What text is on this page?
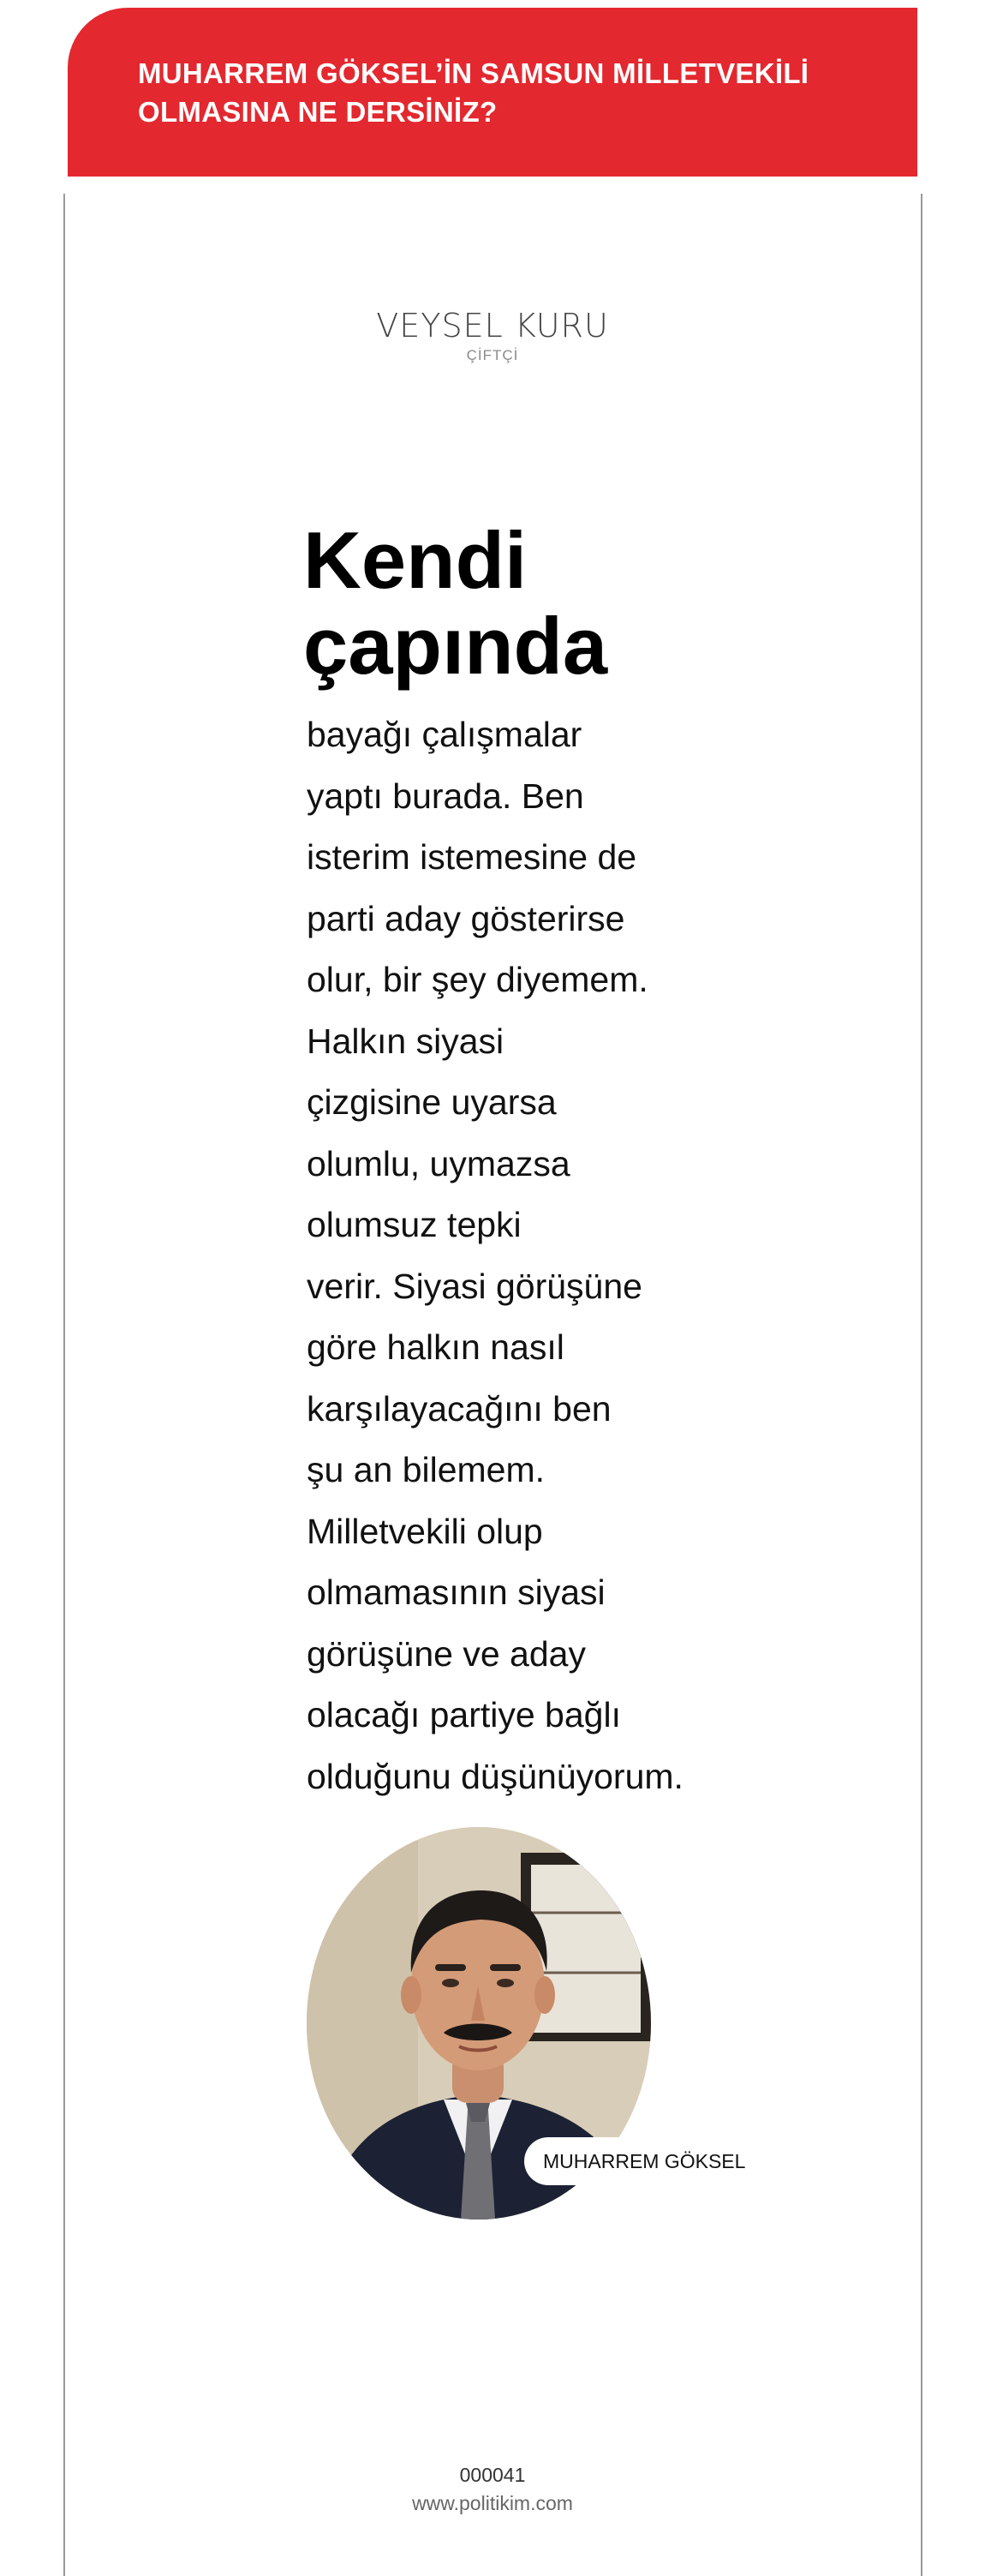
MUHARREM GÖKSEL’İN SAMSUN MİLLETVEKİLİ
OLMASINA NE DERSİNİZ?

VEYSEL KURU
ÇİFTÇİ
Kendi
çapında
bayağı çalışmalar
yaptı burada. Ben
isterim istemesine de
parti aday gösterirse
olur, bir şey diyemem.
Halkın siyasi
çizgisine uyarsa
olumlu, uymazsa
olumsuz tepki
verir. Siyasi görüşüne
göre halkın nasıl
karşılayacağını ben
şu an bilemem.
Milletvekili olup
olmamasının siyasi
görüşüne ve aday
olacağı partiye bağlı
olduğunu düşünüyorum.
MUHARREM GÖKSEL
000041
www.politikim.com
